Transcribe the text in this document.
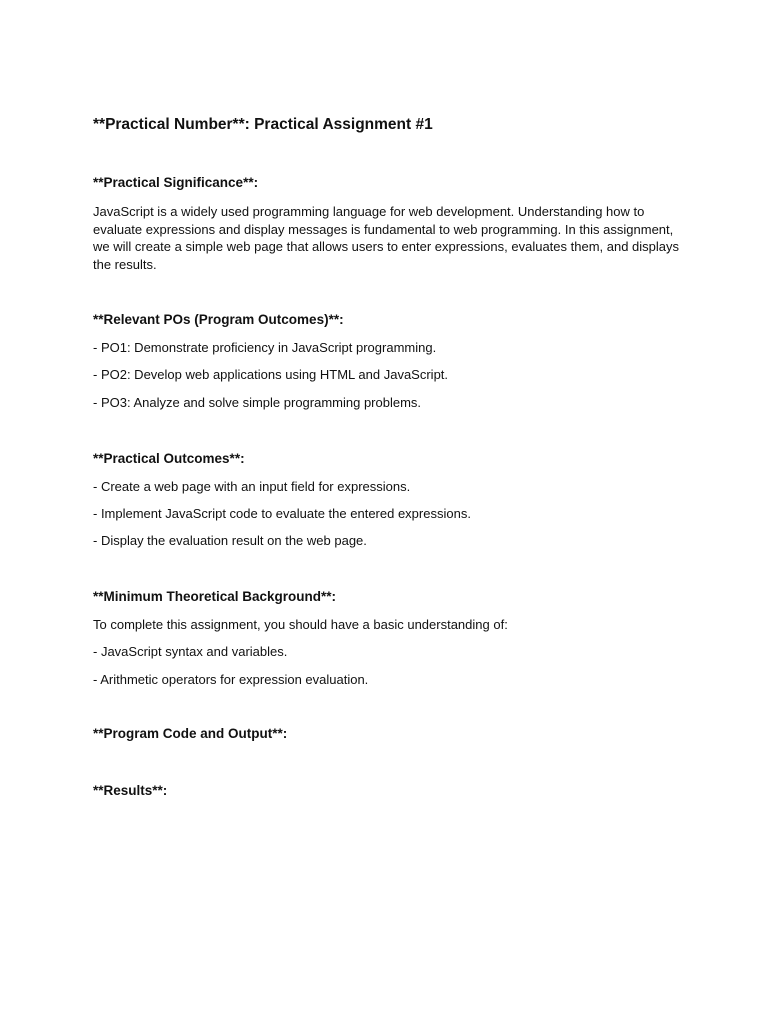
**Practical Number**: Practical Assignment #1
**Practical Significance**:
JavaScript is a widely used programming language for web development. Understanding how to evaluate expressions and display messages is fundamental to web programming. In this assignment, we will create a simple web page that allows users to enter expressions, evaluates them, and displays the results.
**Relevant POs (Program Outcomes)**:
- PO1: Demonstrate proficiency in JavaScript programming.
- PO2: Develop web applications using HTML and JavaScript.
- PO3: Analyze and solve simple programming problems.
**Practical Outcomes**:
- Create a web page with an input field for expressions.
- Implement JavaScript code to evaluate the entered expressions.
- Display the evaluation result on the web page.
**Minimum Theoretical Background**:
To complete this assignment, you should have a basic understanding of:
- JavaScript syntax and variables.
- Arithmetic operators for expression evaluation.
**Program Code and Output**:
**Results**:
